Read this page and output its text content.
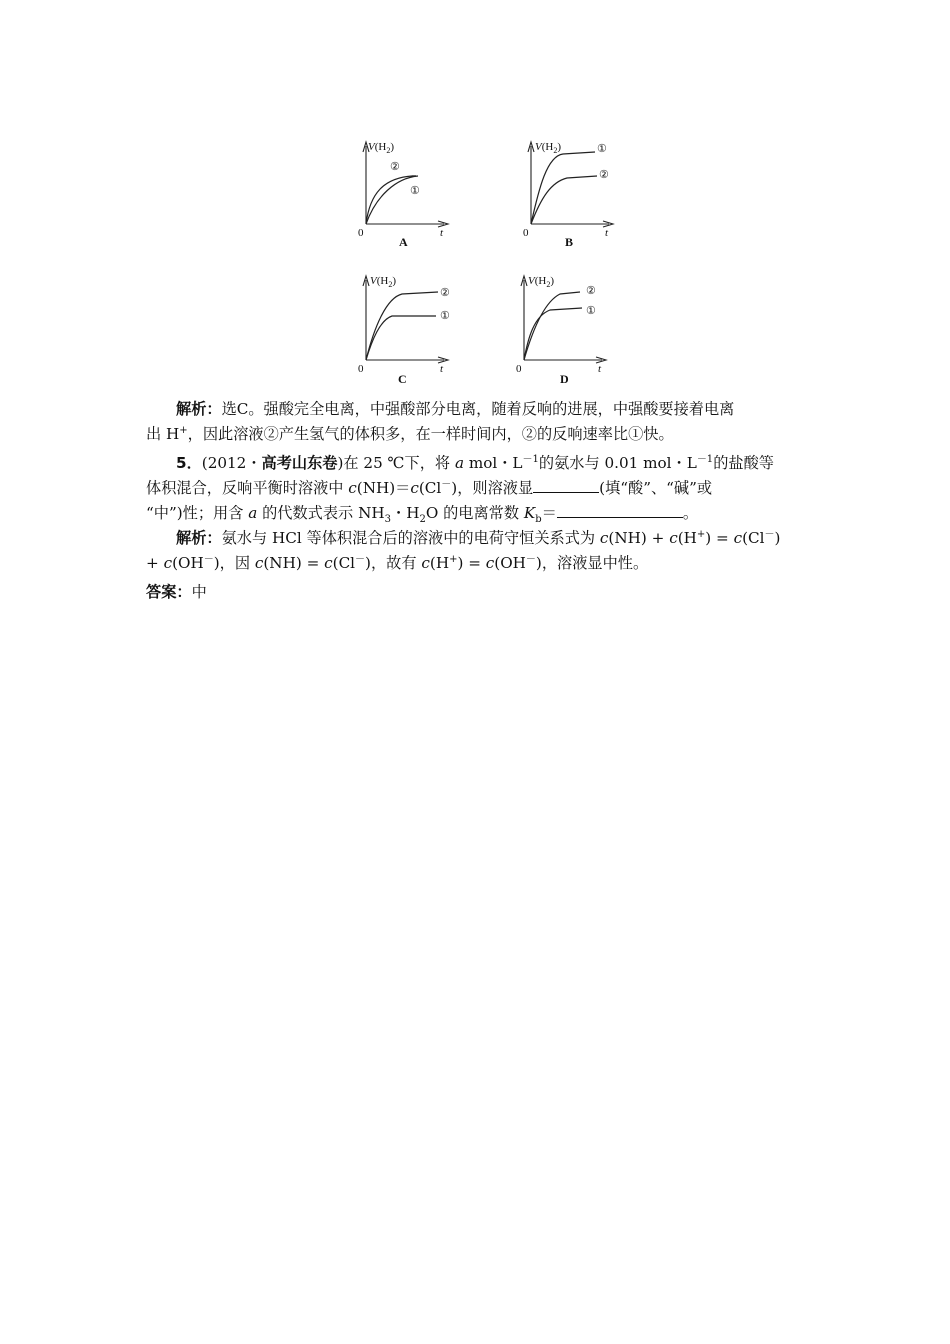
$V(H_2)$
t
0
②
①
A
$V(H_2)$
t
0
①
②
B
$V(H_2)$
t
0
②
①
C
$V(H_2)$
t
0
②
①
D
解析：选C。强酸完全电离，中强酸部分电离，随着反响的进展，中强酸要接着电离
出 H+，因此溶液②产生氢气的体积多，在一样时间内，②的反响速率比①快。
5．(2012・高考山东卷)在 25 ℃下，将 a mol・$L^{-1}$的氨水与 0.01 mol・$L^{-1}$的盐酸等
体积混合，反响平衡时溶液中 c(NH)＝c(Cl－)，则溶液显	(填“酸”、“碱”或
“中”)性；用含 a 的代数式表示 $NH_3$・$H_2O$ 的电离常数 $K_b=$	。
解析：氨水与 HCl 等体积混合后的溶液中的电荷守恒关系式为 c(NH) + c(H+) = c(Cl－)
+ c(OH－)，因 c(NH) = c(Cl－)，故有 c(H+) = c(OH－)，溶液显中性。
答案：中
